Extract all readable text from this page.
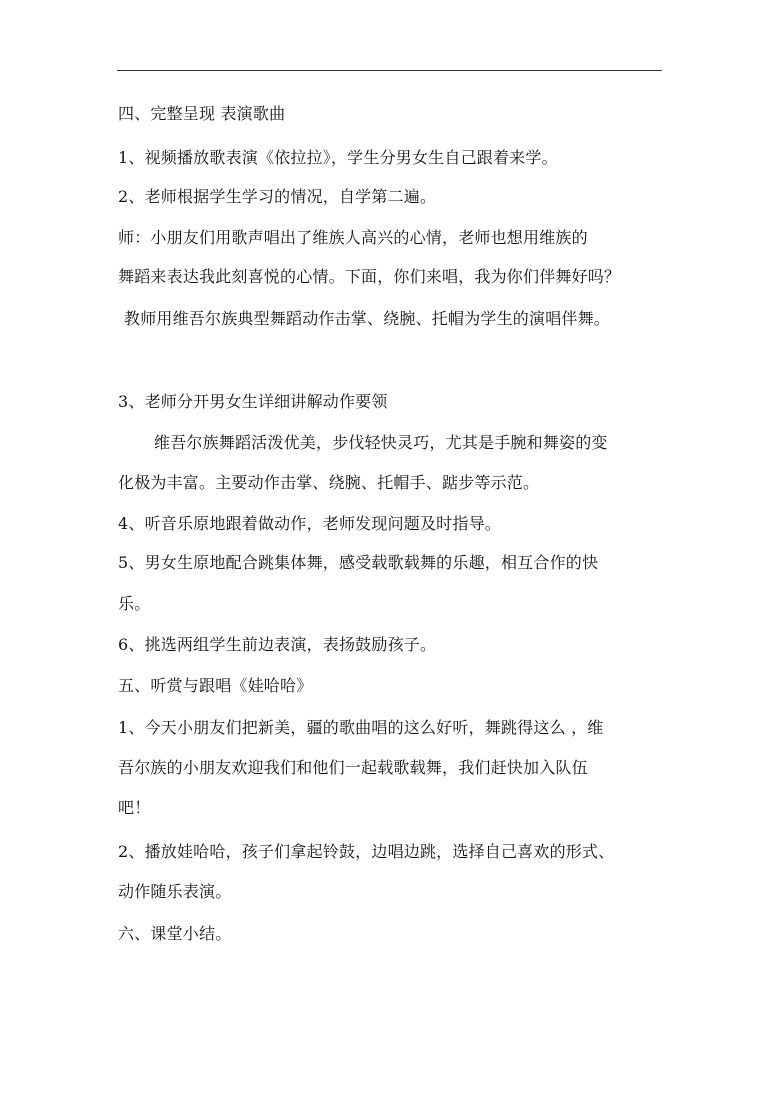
四、完整呈现 表演歌曲
1、视频播放歌表演《依拉拉》，学生分男女生自己跟着来学。
2、老师根据学生学习的情况，自学第二遍。
师：小朋友们用歌声唱出了维族人高兴的心情，老师也想用维族的
舞蹈来表达我此刻喜悦的心情。下面，你们来唱，我为你们伴舞好吗？
教师用维吾尔族典型舞蹈动作击掌、绕腕、托帽为学生的演唱伴舞。
3、老师分开男女生详细讲解动作要领
维吾尔族舞蹈活泼优美，步伐轻快灵巧，尤其是手腕和舞姿的变
化极为丰富。主要动作击掌、绕腕、托帽手、踮步等示范。
4、听音乐原地跟着做动作，老师发现问题及时指导。
5、男女生原地配合跳集体舞，感受载歌载舞的乐趣，相互合作的快
乐。
6、挑选两组学生前边表演，表扬鼓励孩子。
五、听赏与跟唱《娃哈哈》
1、今天小朋友们把新美，疆的歌曲唱的这么好听，舞跳得这么 ，维
吾尔族的小朋友欢迎我们和他们一起载歌载舞，我们赶快加入队伍
吧！
2、播放娃哈哈，孩子们拿起铃鼓，边唱边跳，选择自己喜欢的形式、
动作随乐表演。
六、课堂小结。
